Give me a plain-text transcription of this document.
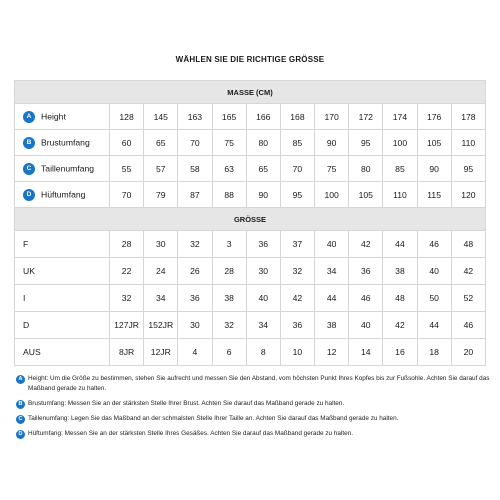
WÄHLEN SIE DIE RICHTIGE GRÖSSE
MASSE (CM)											
A Height	128	145	163	165	166	168	170	172	174	176	178
B Brustumfang	60	65	70	75	80	85	90	95	100	105	110
C Taillenumfang	55	57	58	63	65	70	75	80	85	90	95
D Hüftumfang	70	79	87	88	90	95	100	105	110	115	120
GRÖSSE											
F	28	30	32	3	36	37	40	42	44	46	48
UK	22	24	26	28	30	32	34	36	38	40	42
I	32	34	36	38	40	42	44	46	48	50	52
D	127JR	152JR	30	32	34	36	38	40	42	44	46
AUS	8JR	12JR	4	6	8	10	12	14	16	18	20
A Height: Um die Größe zu bestimmen, stehen Sie aufrecht und messen Sie den Abstand, vom höchsten Punkt Ihres Kopfes bis zur Fußsohle. Achten Sie darauf das Maßband gerade zu halten.
B Brustumfang: Messen Sie an der stärksten Stelle Ihrer Brust. Achten Sie darauf das Maßband gerade zu halten.
C Taillenumfang: Legen Sie das Maßband an der schmalsten Stelle Ihrer Taille an. Achten Sie darauf das Maßband gerade zu halten.
D Hüftumfang: Messen Sie an der stärksten Stelle Ihres Gesäßes. Achten Sie darauf das Maßband gerade zu halten.
